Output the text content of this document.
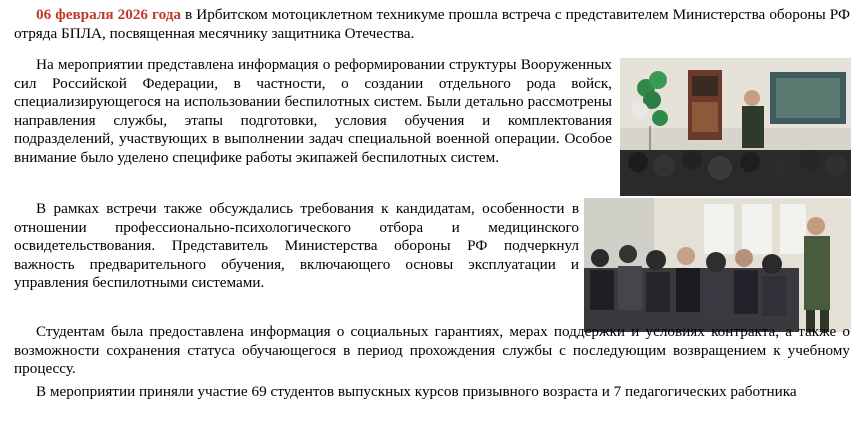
06 февраля 2026 года в Ирбитском мотоциклетном техникуме прошла встреча с представителем Министерства обороны РФ отряда БПЛА, посвященная месячнику защитника Отечества.

На мероприятии представлена информация о реформировании структуры Вооруженных сил Российской Федерации, в частности, о создании отдельного рода войск, специализирующегося на использовании беспилотных систем. Были детально рассмотрены направления службы, этапы подготовки, условия обучения и комплектования подразделений, участвующих в выполнении задач специальной военной операции. Особое внимание было уделено специфике работы экипажей беспилотных систем.

В рамках встречи также обсуждались требования к кандидатам, особенности в отношении профессионально-психологического отбора и медицинского освидетельствования. Представитель Министерства обороны РФ подчеркнул важность предварительного обучения, включающего основы эксплуатации и управления беспилотными системами.

Студентам была предоставлена информация о социальных гарантиях, мерах поддержки и условиях контракта, а также о возможности сохранения статуса обучающегося в период прохождения службы с последующим возвращением к учебному процессу.

В мероприятии приняли участие 69 студентов выпускных курсов призывного возраста и 7 педагогических работника
